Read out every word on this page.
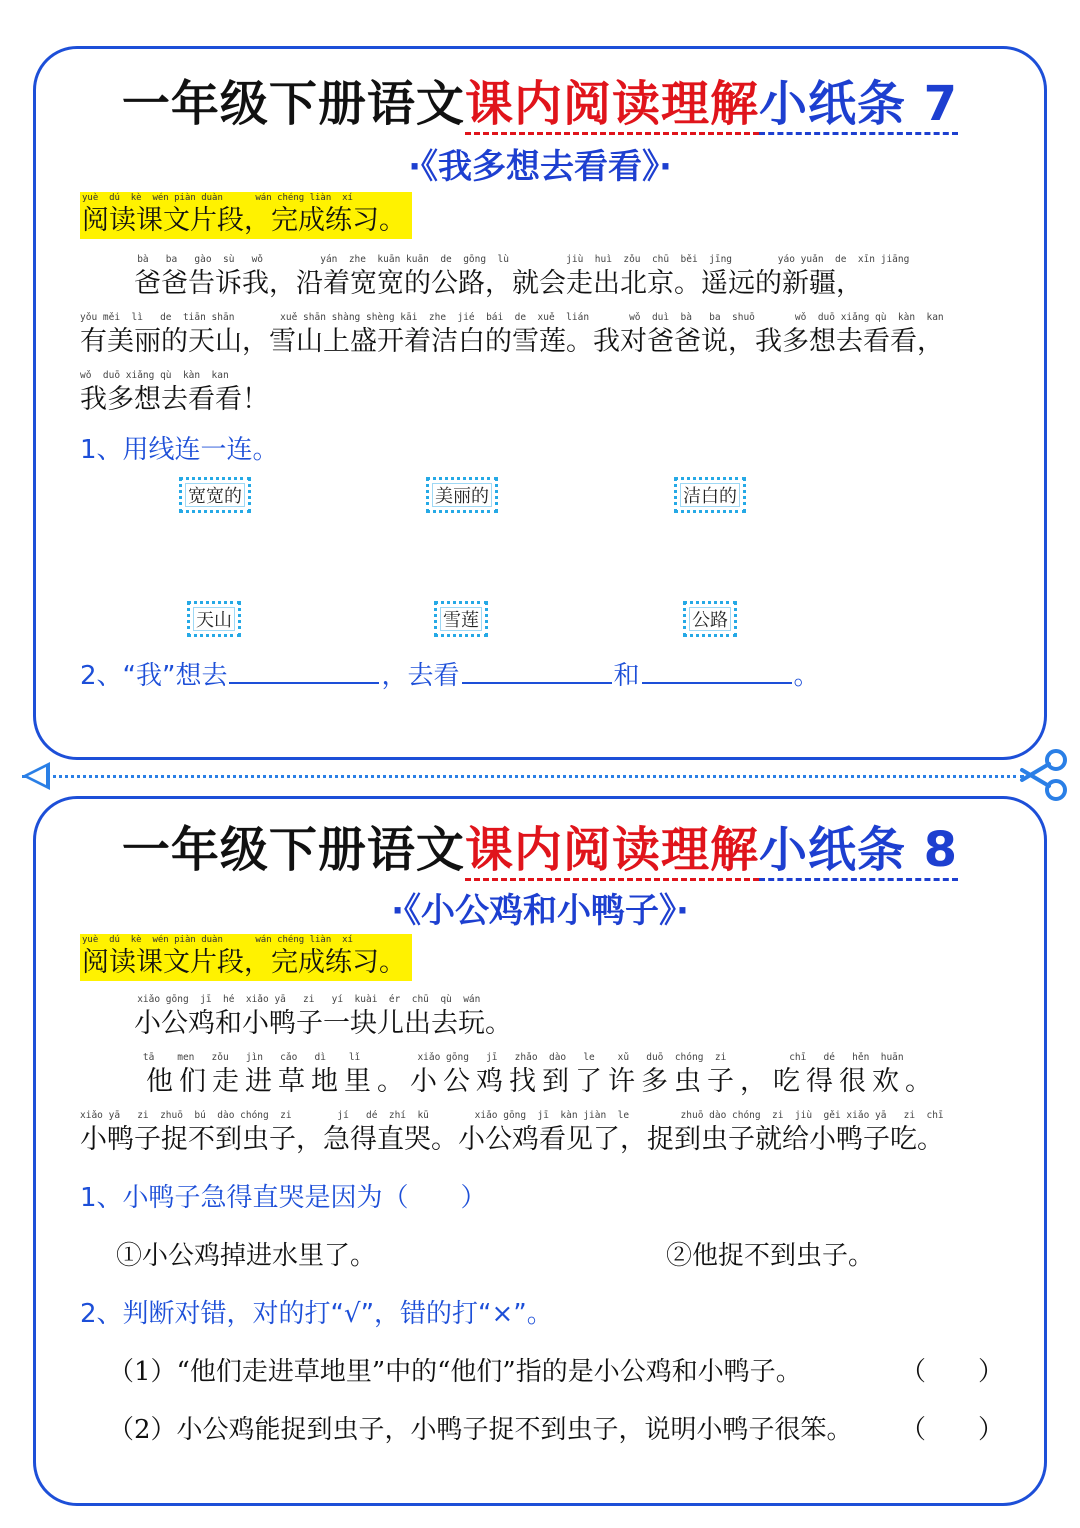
一年级下册语文课内阅读理解小纸条 7
·《我多想去看看》·
yuè  dú  kè  wén piàn duàn      wán chéng liàn  xí
阅读课文片段，完成练习。
bà   ba   gào  sù   wǒ          yán  zhe  kuān kuān  de  gōng  lù          jiù  huì  zǒu  chū  běi  jīng        yáo yuǎn  de  xīn jiāng
　　爸爸告诉我，沿着宽宽的公路，就会走出北京。遥远的新疆，
yǒu měi  lì   de  tiān shān        xuě shān shàng shèng kāi  zhe  jié  bái  de  xuě  lián       wǒ  duì  bà   ba  shuō       wǒ  duō xiǎng qù  kàn  kan
有美丽的天山，雪山上盛开着洁白的雪莲。我对爸爸说，我多想去看看，
wǒ  duō xiǎng qù  kàn  kan
我多想去看看！
1、用线连一连。
宽宽的	美丽的	洁白的
天山	雪莲	公路
2、“我”想去	，去看	和	。
一年级下册语文课内阅读理解小纸条 8
·《小公鸡和小鸭子》·
yuè  dú  kè  wén piàn duàn      wán chéng liàn  xí
阅读课文片段，完成练习。
xiǎo gōng  jī  hé  xiǎo yā   zi   yí  kuài  ér  chū  qù  wán
　　小公鸡和小鸭子一块儿出去玩。
tā    men   zǒu   jìn   cǎo   dì    lǐ          xiǎo gōng   jī   zhǎo  dào   le    xǔ   duō  chóng  zi           chī   dé   hěn  huān
　　他们走进草地里。小公鸡找到了许多虫子，吃得很欢。
xiǎo yā   zi  zhuō  bú  dào chóng  zi        jí   dé  zhí  kū        xiǎo gōng  jī  kàn jiàn  le         zhuō dào chóng  zi  jiù  gěi xiǎo yā   zi  chī
小鸭子捉不到虫子，急得直哭。小公鸡看见了，捉到虫子就给小鸭子吃。
1、小鸭子急得直哭是因为（　　）
①小公鸡掉进水里了。	②他捉不到虫子。
2、判断对错，对的打“√”，错的打“×”。
（1）“他们走进草地里”中的“他们”指的是小公鸡和小鸭子。	（　　）
（2）小公鸡能捉到虫子，小鸭子捉不到虫子，说明小鸭子很笨。 （　　）
